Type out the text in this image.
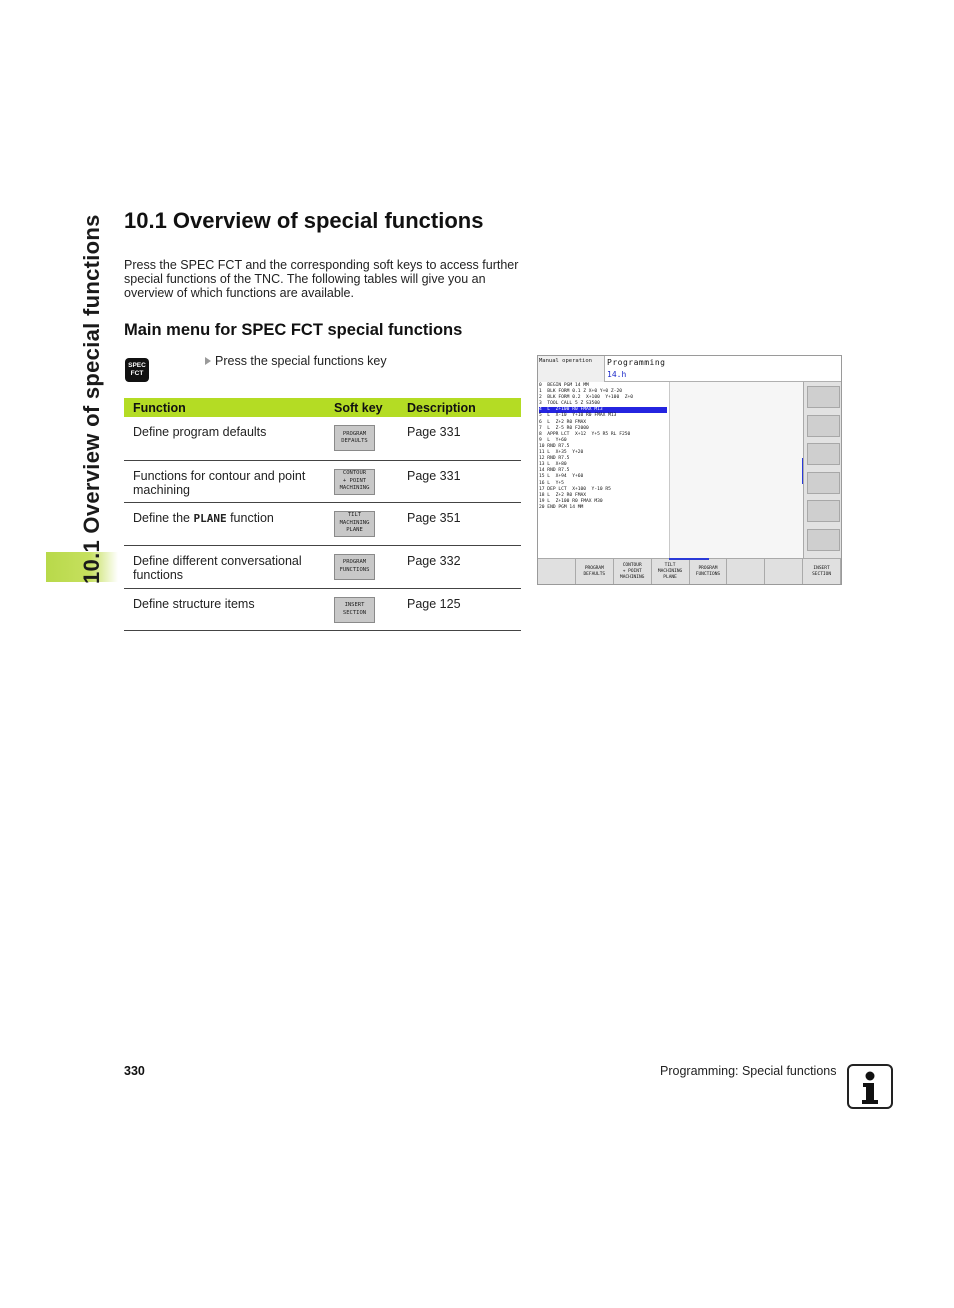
10.1 Overview of special functions 10.1 Overview of special functions
Press the SPEC FCT and the corresponding soft keys to access further special functions of the TNC. The following tables will give you an overview of which functions are available.
Main menu for SPEC FCT special functions
SPEC
FCT
Press the special functions key
Function	Soft key	Description
Define program defaults	PROGRAM
DEFAULTS	Page 331
Functions for contour and point machining	CONTOUR
+ POINT
MACHINING	Page 331
Define the PLANE function	TILT
MACHINING
PLANE	Page 351
Define different conversational functions	PROGRAM
FUNCTIONS	Page 332
Define structure items	INSERT
SECTION	Page 125
Manual operation	Programming
14.h
0  BEGIN PGM 14 MM
1  BLK FORM 0.1 Z X+0 Y+0 Z-20
2  BLK FORM 0.2  X+100  Y+100  Z+0
3  TOOL CALL 5 Z S3500
4  L  Z+100 R0 FMAX M13
5  L  X-10  Y+10 R0 FMAX M13
6  L  Z+2 R0 FMAX
7  L  Z-5 R0 F2000
8  APPR LCT  X+12  Y+5 R5 RL F250
9  L  Y+60
10 RND R7.5
11 L  X+35  Y+20
12 RND R7.5
13 L  X+80
14 RND R7.5
15 L  X+94  Y+60
16 L  Y+5
17 DEP LCT  X+100  Y-10 R5
18 L  Z+2 R0 FMAX
19 L  Z+100 R0 FMAX M30
20 END PGM 14 MM
PROGRAM
DEFAULTS
CONTOUR
+ POINT
MACHINING
TILT
MACHINING
PLANE
PROGRAM
FUNCTIONS
INSERT
SECTION
330	Programming: Special functions
